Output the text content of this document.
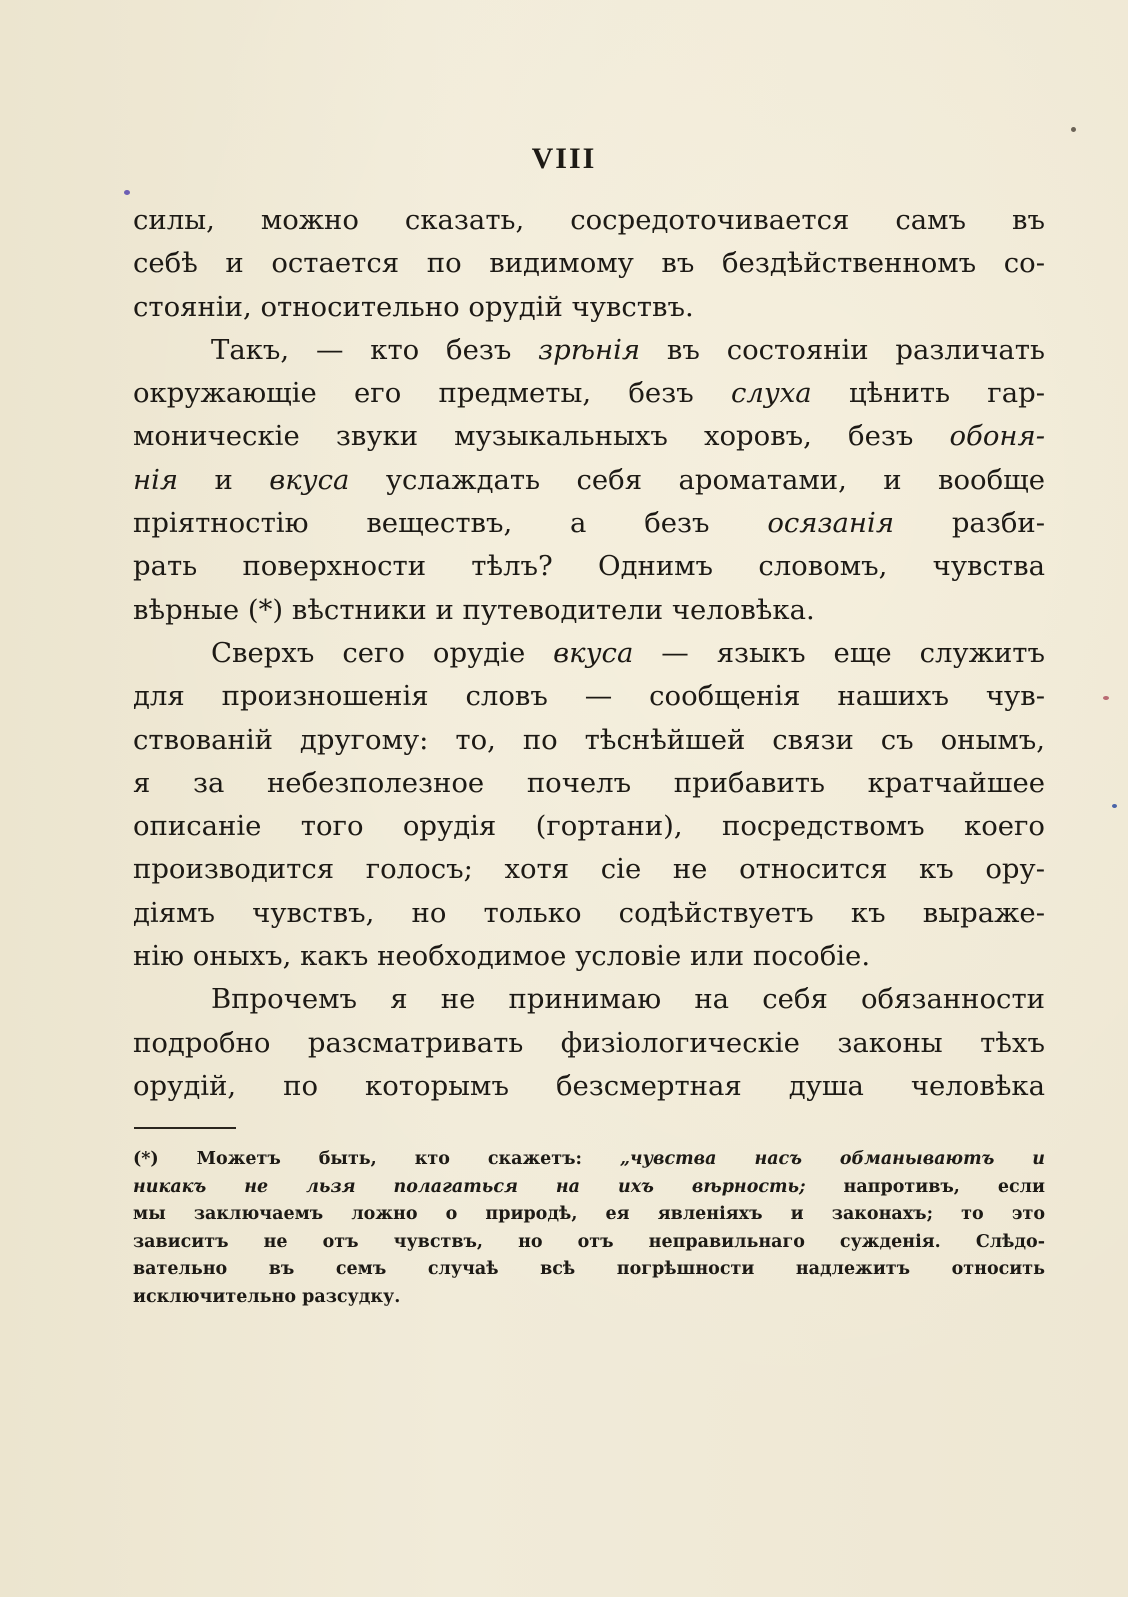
VIII
силы, можно сказать, сосредоточивается самъ въ
себѣ и остается по видимому въ бездѣйственномъ со-
стояніи, относительно орудій чувствъ.
Такъ, — кто безъ зрѣнія въ состояніи различать
окружающіе его предметы, безъ слуха цѣнить гар-
моническіе звуки музыкальныхъ хоровъ, безъ обоня-
нія и вкуса услаждать себя ароматами, и вообще
пріятностію веществъ, а безъ осязанія разби-
рать поверхности тѣлъ? Однимъ словомъ, чувства
вѣрные (*) вѣстники и путеводители человѣка.
Сверхъ сего орудіе вкуса — языкъ еще служитъ
для произношенія словъ — сообщенія нашихъ чув-
ствованій другому: то, по тѣснѣйшей связи съ онымъ,
я за небезполезное почелъ прибавить кратчайшее
описаніе того орудія (гортани), посредствомъ коего
производится голосъ; хотя сіе не относится къ ору-
діямъ чувствъ, но только содѣйствуетъ къ выраже-
нію оныхъ, какъ необходимое условіе или пособіе.
Впрочемъ я не принимаю на себя обязанности
подробно разсматривать физіологическіе законы тѣхъ
орудій, по которымъ безсмертная душа человѣка
(*) Можетъ быть, кто скажетъ: „чувства насъ обманываютъ и
никакъ не льзя полагаться на ихъ вѣрность; напротивъ, если
мы заключаемъ ложно о природѣ, ея явленіяхъ и законахъ; то это
зависитъ не отъ чувствъ, но отъ неправильнаго сужденія. Слѣдо-
вательно въ семъ случаѣ всѣ погрѣшности надлежитъ относить
исключительно разсудку.
